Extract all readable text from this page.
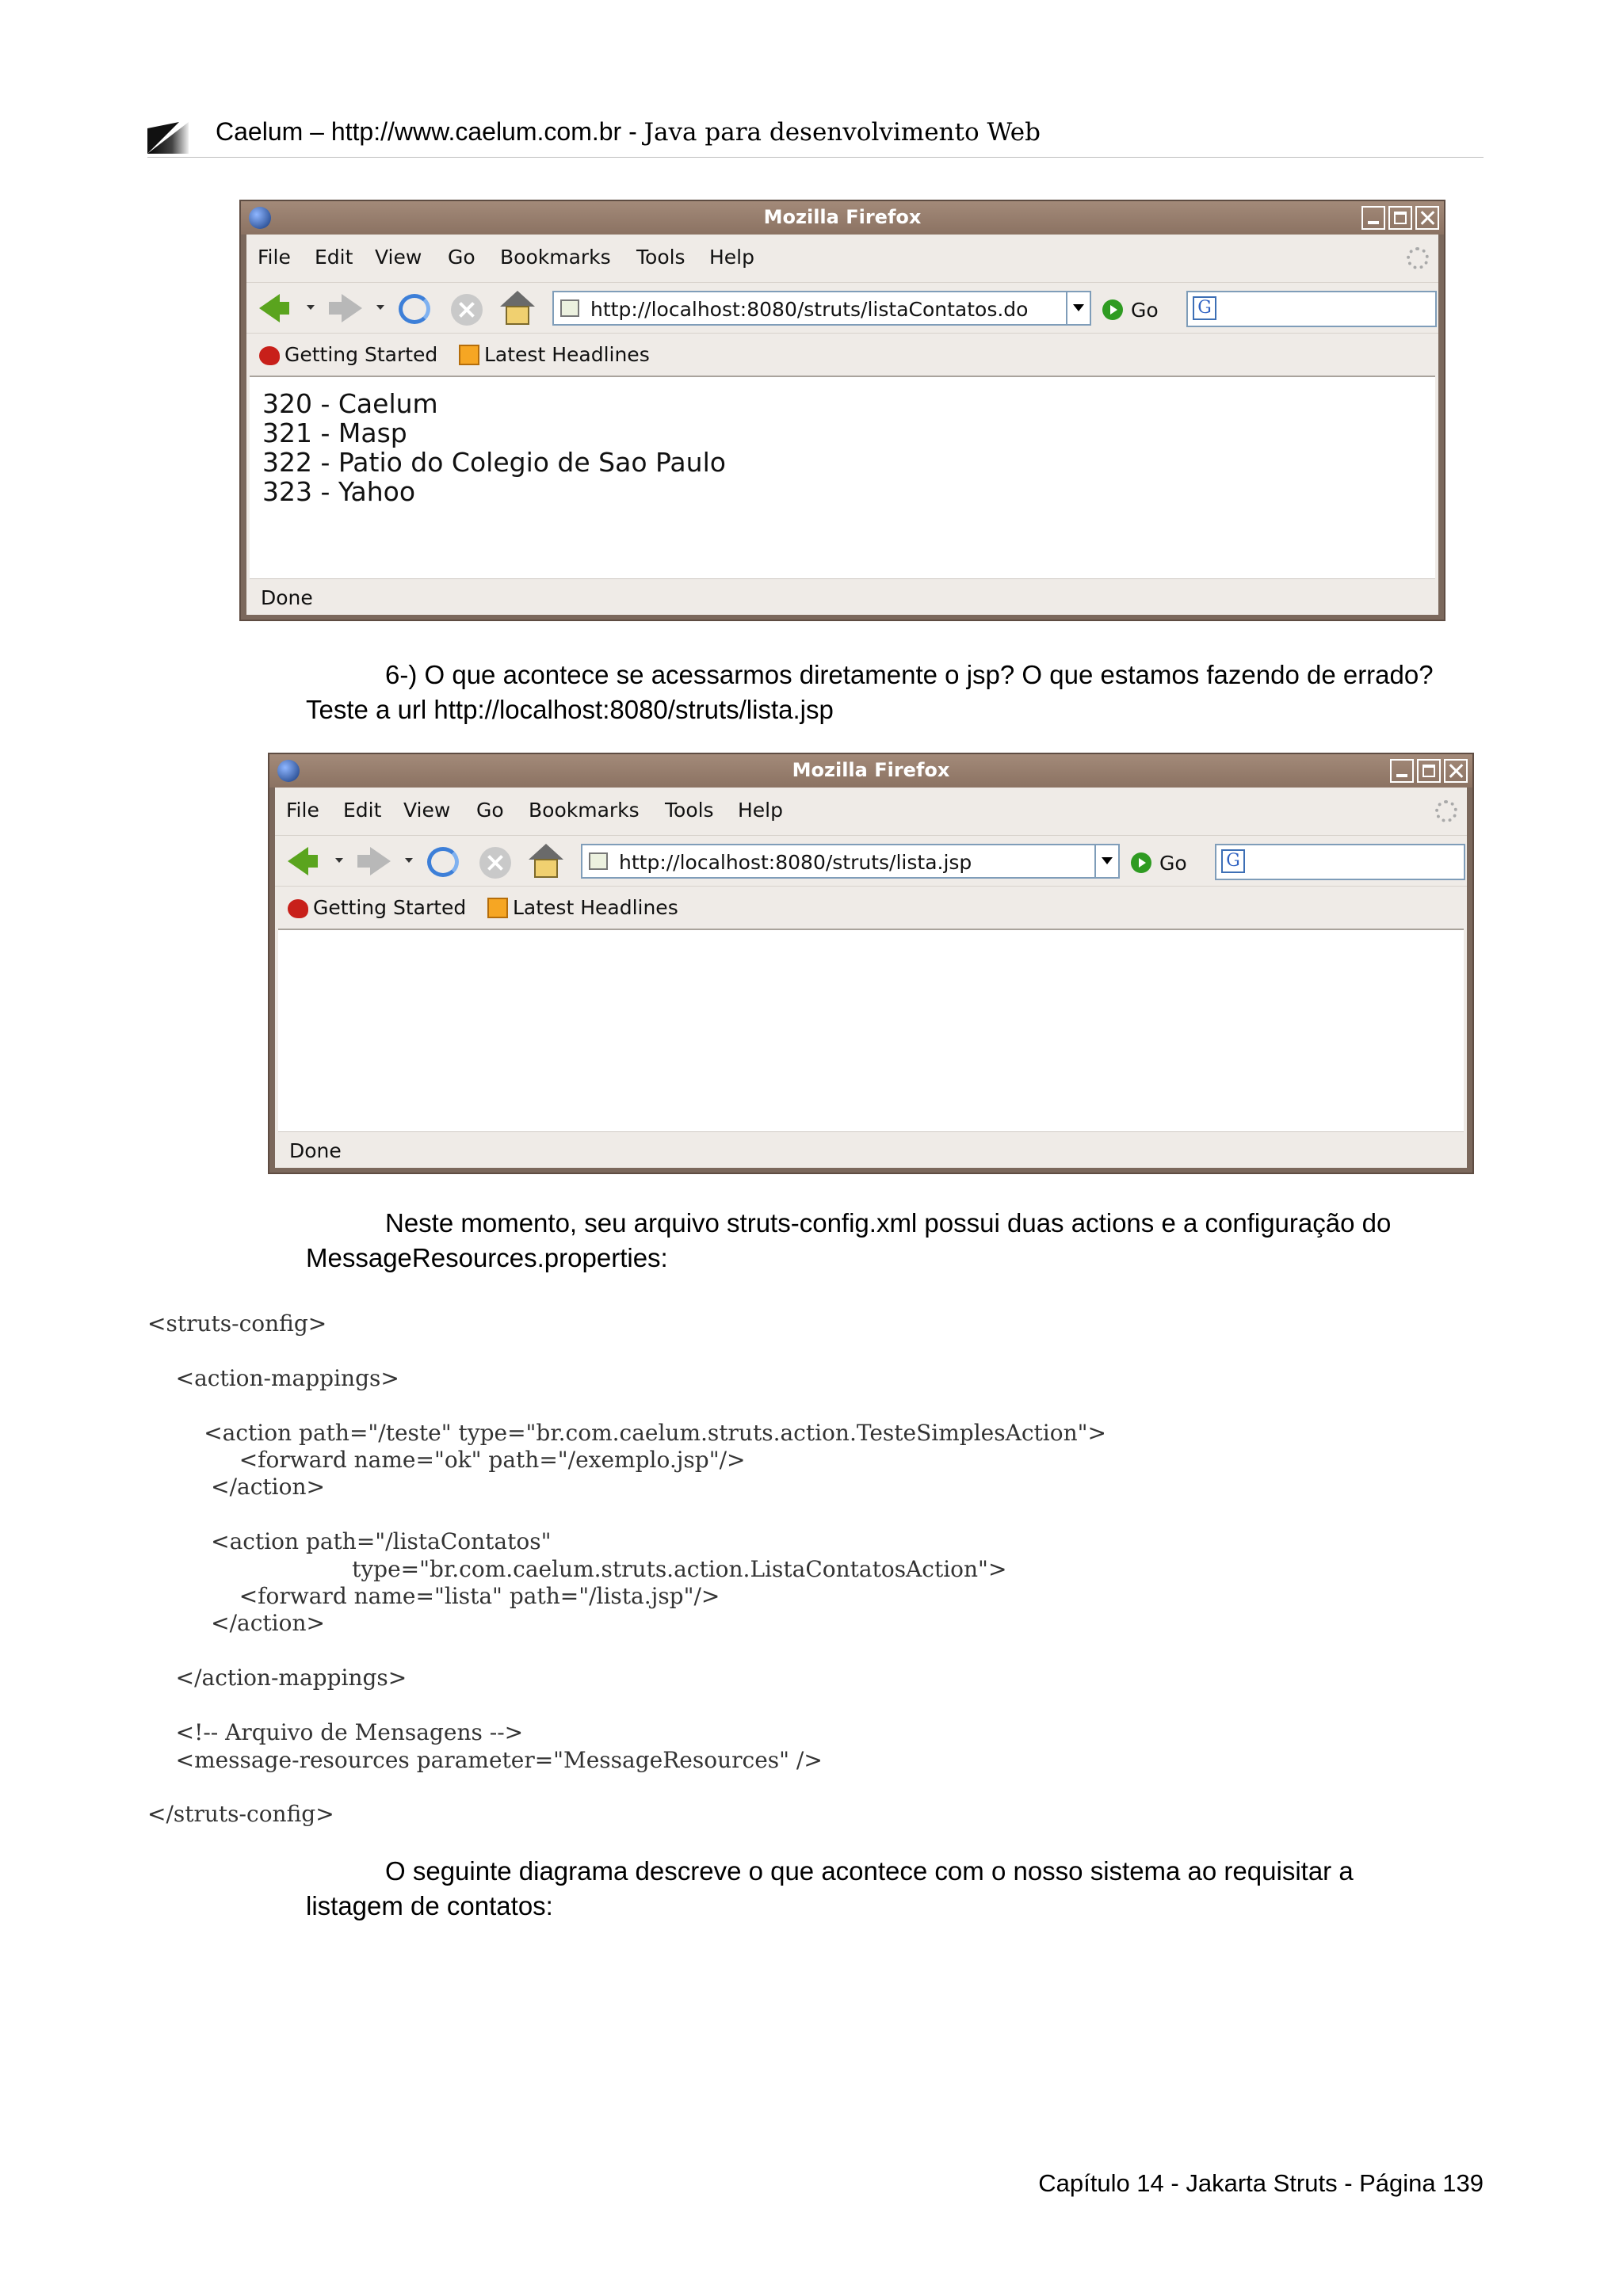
Caelum – http://www.caelum.com.br - Java para desenvolvimento Web
Mozilla Firefox
File Edit View Go Bookmarks Tools Help
http://localhost:8080/struts/listaContatos.do	Go G
Getting Started Latest Headlines
320 - Caelum
321 - Masp
322 - Patio do Colegio de Sao Paulo
323 - Yahoo
Done
6-) O que acontece se acessarmos diretamente o jsp? O que estamos fazendo de errado?
Teste a url http://localhost:8080/struts/lista.jsp
Mozilla Firefox
File Edit View Go Bookmarks Tools Help
http://localhost:8080/struts/lista.jsp	Go G
Getting Started Latest Headlines
Done
Neste momento, seu arquivo struts-config.xml possui duas actions e a configuração do
MessageResources.properties:
<struts-config>

<action-mappings>

<action path="/teste" type="br.com.caelum.struts.action.TesteSimplesAction">
<forward name="ok" path="/exemplo.jsp"/>
</action>

<action path="/listaContatos"
type="br.com.caelum.struts.action.ListaContatosAction">
<forward name="lista" path="/lista.jsp"/>
</action>

</action-mappings>

<!-- Arquivo de Mensagens -->
<message-resources parameter="MessageResources" />

</struts-config>
O seguinte diagrama descreve o que acontece com o nosso sistema ao requisitar a
listagem de contatos:
Capítulo 14 - Jakarta Struts - Página 139
